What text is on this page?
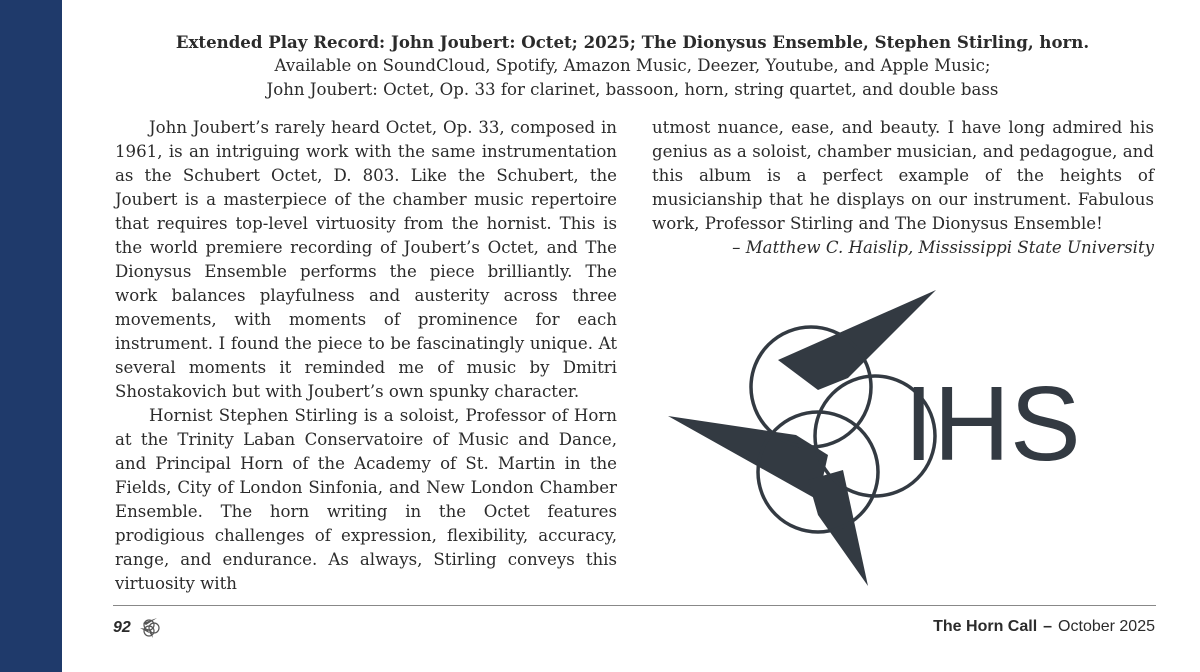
Extended Play Record: John Joubert: Octet; 2025; The Dionysus Ensemble, Stephen Stirling, horn.
Available on SoundCloud, Spotify, Amazon Music, Deezer, Youtube, and Apple Music;
John Joubert: Octet, Op. 33 for clarinet, bassoon, horn, string quartet, and double bass

John Joubert’s rarely heard Octet, Op. 33, composed in 1961, is an intriguing work with the same instrumentation as the Schubert Octet, D. 803. Like the Schubert, the Joubert is a masterpiece of the chamber music repertoire that requires top-level virtuosity from the hornist. This is the world premiere recording of Joubert’s Octet, and The Dionysus Ensemble performs the piece brilliantly. The work balances playfulness and austerity across three movements, with moments of prominence for each instrument. I found the piece to be fascinatingly unique. At several moments it reminded me of music by Dmitri Shostakovich but with Joubert’s own spunky character.

Hornist Stephen Stirling is a soloist, Professor of Horn at the Trinity Laban Conservatoire of Music and Dance, and Principal Horn of the Academy of St. Martin in the Fields, City of London Sinfonia, and New London Chamber Ensemble. The horn writing in the Octet features prodigious challenges of expression, flexibility, accuracy, range, and endurance. As always, Stirling conveys this virtuosity with

utmost nuance, ease, and beauty. I have long admired his genius as a soloist, chamber musician, and pedagogue, and this album is a perfect example of the heights of musicianship that he displays on our instrument. Fabulous work, Professor Stirling and The Dionysus Ensemble!

– Matthew C. Haislip, Mississippi State University

IHS
92	The Horn Call – October 2025
